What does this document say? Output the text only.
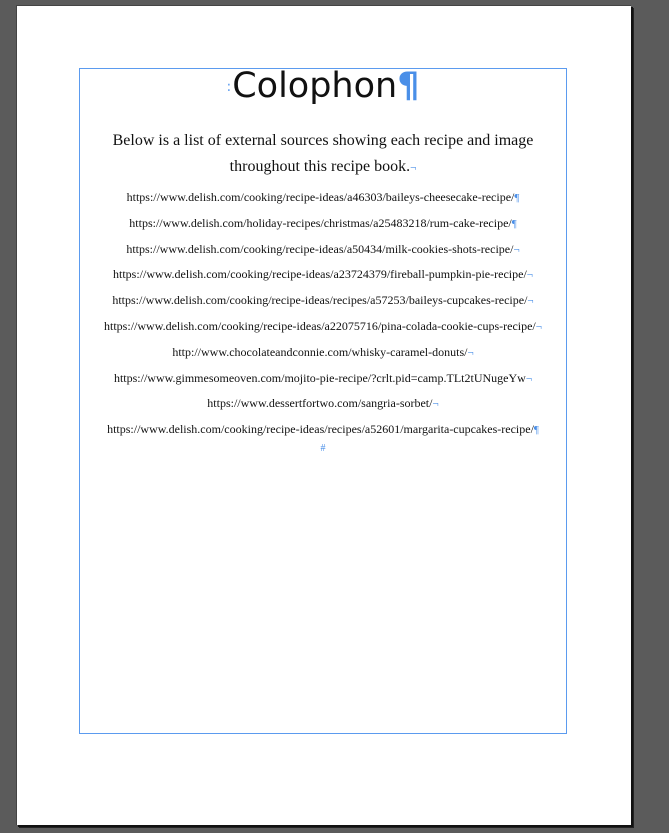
:Colophon¶
Below is a list of external sources showing each recipe and image throughout this recipe book.¬
https://www.delish.com/cooking/recipe-ideas/a46303/baileys-cheesecake-recipe/¶
https://www.delish.com/holiday-recipes/christmas/a25483218/rum-cake-recipe/¶
https://www.delish.com/cooking/recipe-ideas/a50434/milk-cookies-shots-recipe/¬
https://www.delish.com/cooking/recipe-ideas/a23724379/fireball-pumpkin-pie-recipe/¬
https://www.delish.com/cooking/recipe-ideas/recipes/a57253/baileys-cupcakes-recipe/¬
https://www.delish.com/cooking/recipe-ideas/a22075716/pina-colada-cookie-cups-recipe/¬
http://www.chocolateandconnie.com/whisky-caramel-donuts/¬
https://www.gimmesomeoven.com/mojito-pie-recipe/?crlt.pid=camp.TLt2tUNugeYw¬
https://www.dessertfortwo.com/sangria-sorbet/¬
https://www.delish.com/cooking/recipe-ideas/recipes/a52601/margarita-cupcakes-recipe/¶
#
